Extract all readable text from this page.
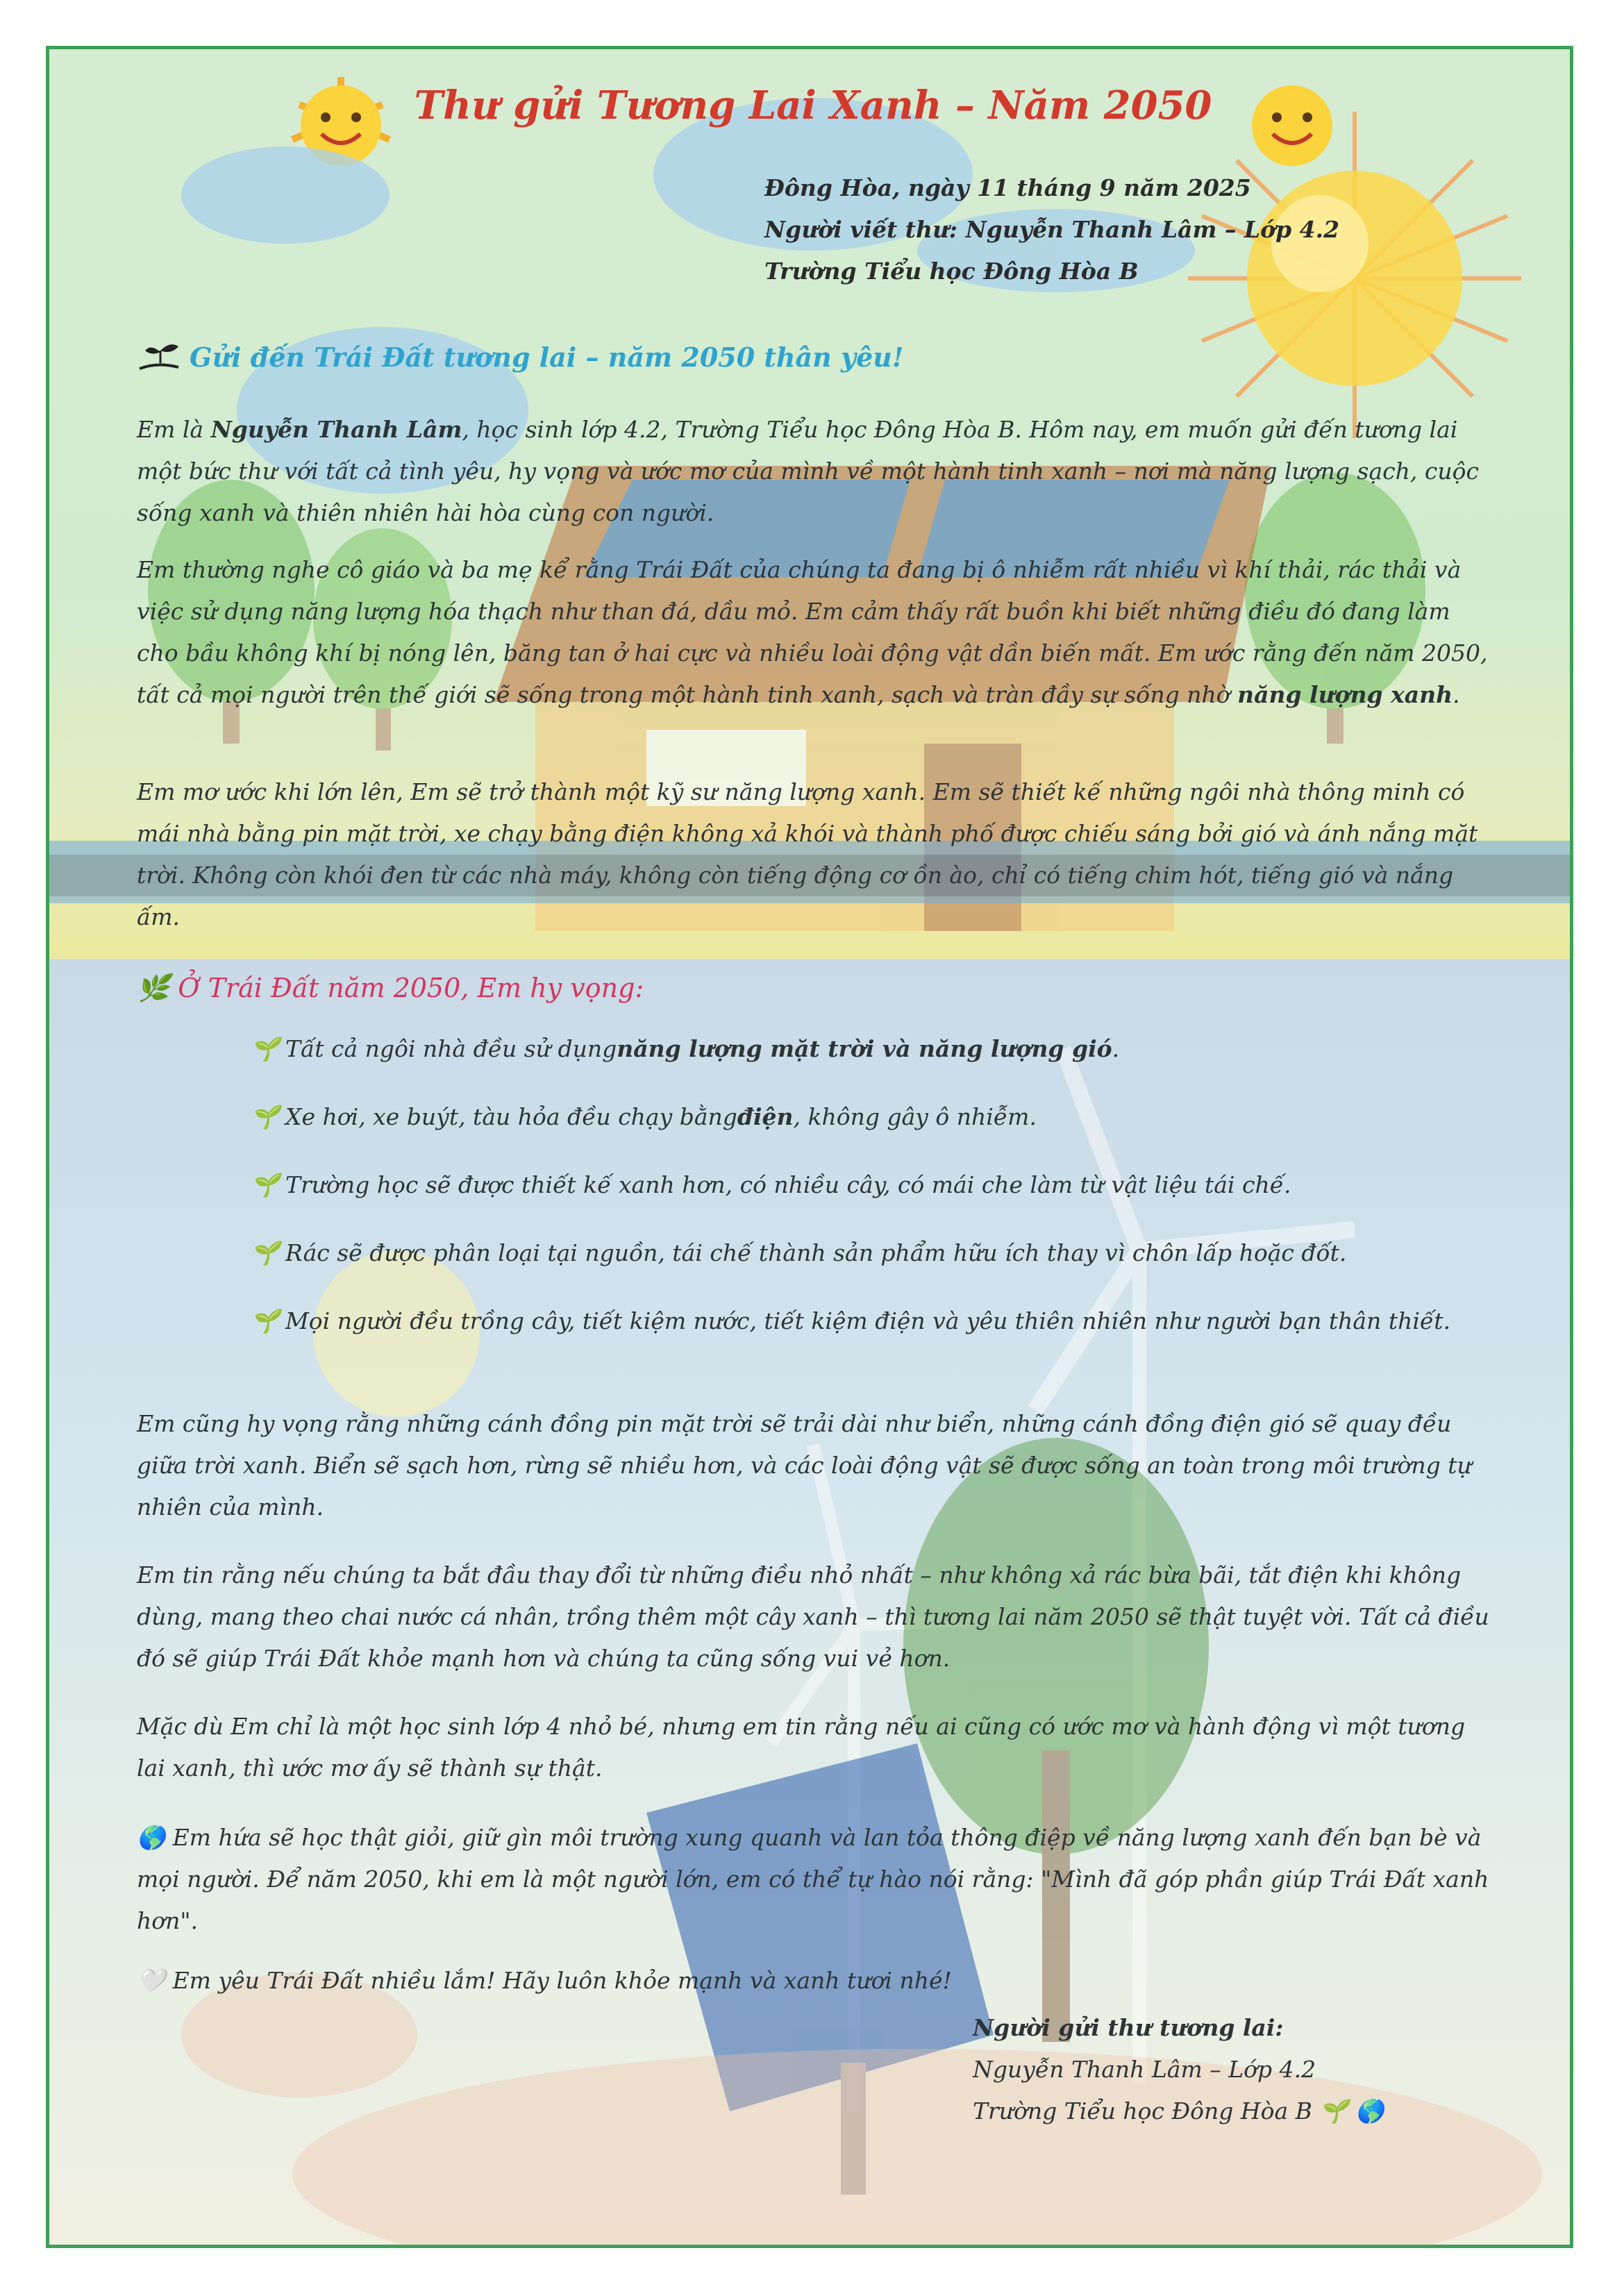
Thư gửi Tương Lai Xanh – Năm 2050
Đông Hòa, ngày 11 tháng 9 năm 2025
Người viết thư: Nguyễn Thanh Lâm – Lớp 4.2
Trường Tiểu học Đông Hòa B
Gửi đến Trái Đất tương lai – năm 2050 thân yêu!

Em là Nguyễn Thanh Lâm, học sinh lớp 4.2, Trường Tiểu học Đông Hòa B. Hôm nay, em muốn gửi đến tương lai một bức thư với tất cả tình yêu, hy vọng và ước mơ của mình về một hành tinh xanh – nơi mà năng lượng sạch, cuộc sống xanh và thiên nhiên hài hòa cùng con người.

Em thường nghe cô giáo và ba mẹ kể rằng Trái Đất của chúng ta đang bị ô nhiễm rất nhiều vì khí thải, rác thải và việc sử dụng năng lượng hóa thạch như than đá, dầu mỏ. Em cảm thấy rất buồn khi biết những điều đó đang làm cho bầu không khí bị nóng lên, băng tan ở hai cực và nhiều loài động vật dần biến mất. Em ước rằng đến năm 2050, tất cả mọi người trên thế giới sẽ sống trong một hành tinh xanh, sạch và tràn đầy sự sống nhờ năng lượng xanh.

Em mơ ước khi lớn lên, Em sẽ trở thành một kỹ sư năng lượng xanh. Em sẽ thiết kế những ngôi nhà thông minh có mái nhà bằng pin mặt trời, xe chạy bằng điện không xả khói và thành phố được chiếu sáng bởi gió và ánh nắng mặt trời. Không còn khói đen từ các nhà máy, không còn tiếng động cơ ồn ào, chỉ có tiếng chim hót, tiếng gió và nắng ấm.

🌿 Ở Trái Đất năm 2050, Em hy vọng:
🌱 Tất cả ngôi nhà đều sử dụng năng lượng mặt trời và năng lượng gió .
🌱 Xe hơi, xe buýt, tàu hỏa đều chạy bằng điện , không gây ô nhiễm.
🌱 Trường học sẽ được thiết kế xanh hơn, có nhiều cây, có mái che làm từ vật liệu tái chế.
🌱 Rác sẽ được phân loại tại nguồn, tái chế thành sản phẩm hữu ích thay vì chôn lấp hoặc đốt.
🌱 Mọi người đều trồng cây, tiết kiệm nước, tiết kiệm điện và yêu thiên nhiên như người bạn thân thiết.

Em cũng hy vọng rằng những cánh đồng pin mặt trời sẽ trải dài như biển, những cánh đồng điện gió sẽ quay đều giữa trời xanh. Biển sẽ sạch hơn, rừng sẽ nhiều hơn, và các loài động vật sẽ được sống an toàn trong môi trường tự nhiên của mình.

Em tin rằng nếu chúng ta bắt đầu thay đổi từ những điều nhỏ nhất – như không xả rác bừa bãi, tắt điện khi không dùng, mang theo chai nước cá nhân, trồng thêm một cây xanh – thì tương lai năm 2050 sẽ thật tuyệt vời. Tất cả điều đó sẽ giúp Trái Đất khỏe mạnh hơn và chúng ta cũng sống vui vẻ hơn.

Mặc dù Em chỉ là một học sinh lớp 4 nhỏ bé, nhưng em tin rằng nếu ai cũng có ước mơ và hành động vì một tương lai xanh, thì ước mơ ấy sẽ thành sự thật.

🌎 Em hứa sẽ học thật giỏi, giữ gìn môi trường xung quanh và lan tỏa thông điệp về năng lượng xanh đến bạn bè và mọi người. Để năm 2050, khi em là một người lớn, em có thể tự hào nói rằng: "Mình đã góp phần giúp Trái Đất xanh hơn".

🤍 Em yêu Trái Đất nhiều lắm! Hãy luôn khỏe mạnh và xanh tươi nhé!

Người gửi thư tương lai:
Nguyễn Thanh Lâm – Lớp 4.2
Trường Tiểu học Đông Hòa B 🌱 🌎
